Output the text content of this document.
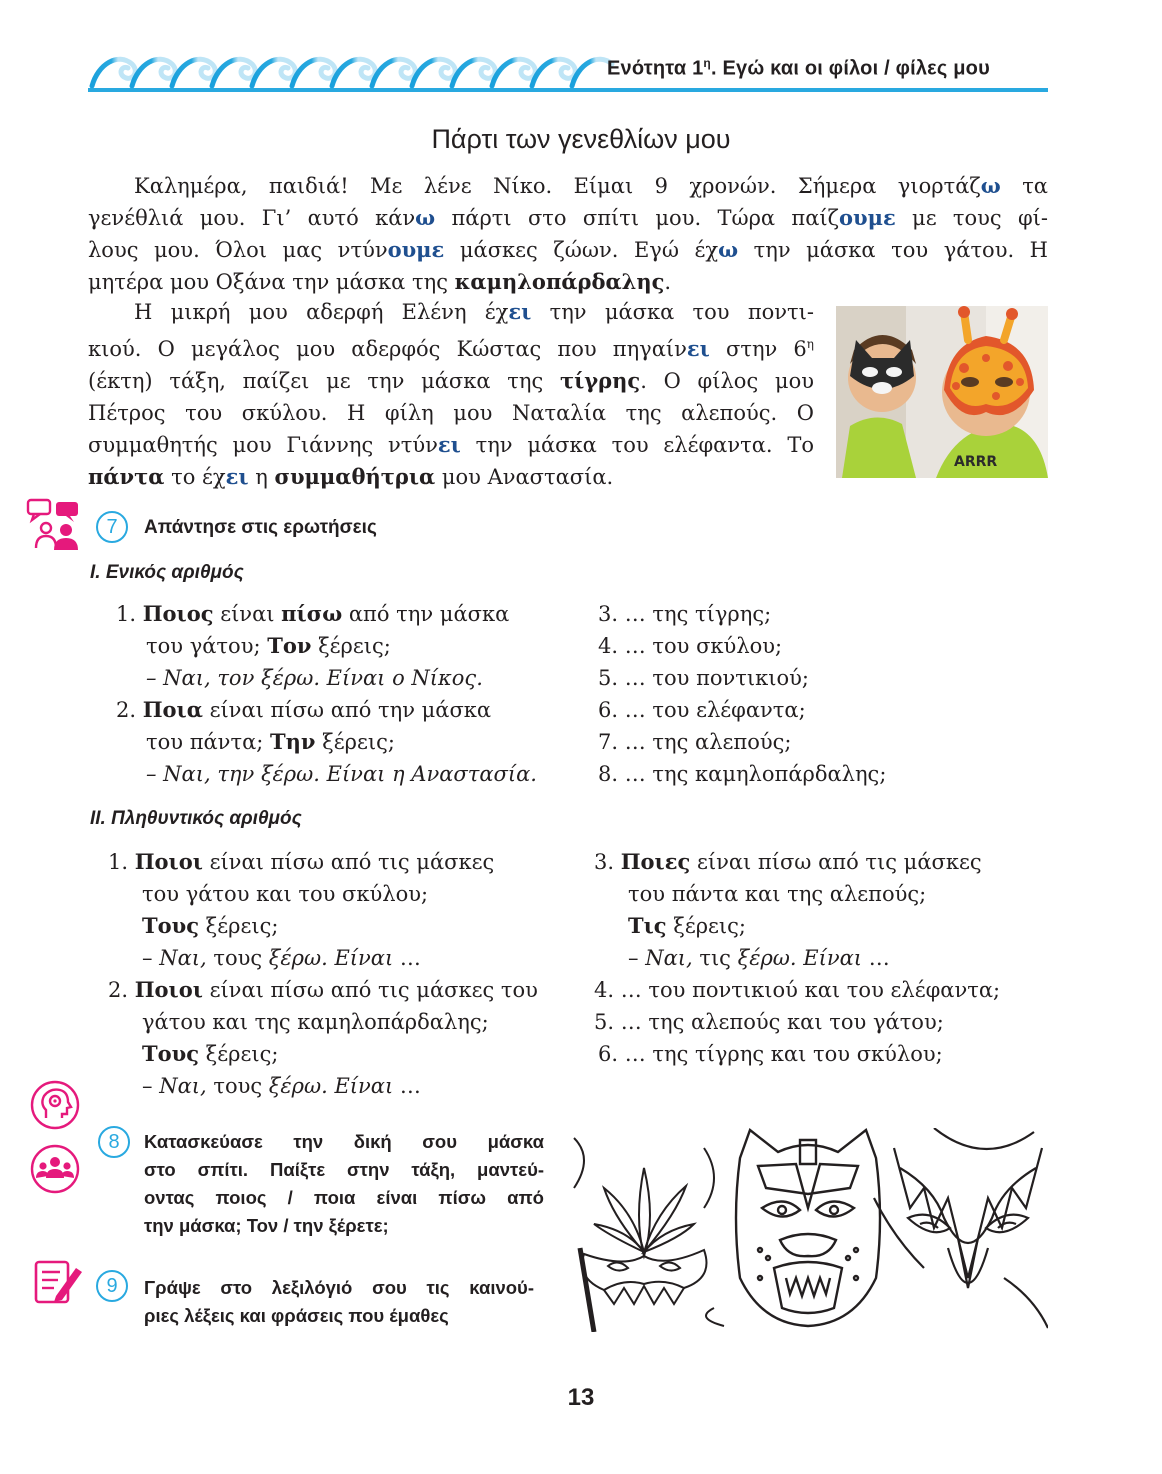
Ενότητα $1^\eta$. Εγώ και οι φίλοι / φίλες μου
Πάρτι των γενεθλίων μου
Καλημέρα, παιδιά! Με λένε Νίκο. Είμαι 9 χρονών. Σήμερα γιορτάζω τα
γενέθλιά μου. Γι’ αυτό κάνω πάρτι στο σπίτι μου. Τώρα παίζουμε με τους φί-
λους μου. Όλοι μας ντύνουμε μάσκες ζώων. Εγώ έχω την μάσκα του γάτου. Η
μητέρα μου Οξάνα την μάσκα της καμηλοπάρδαλης.
Η μικρή μου αδερφή Ελένη έχει την μάσκα του ποντι-
κιού. Ο μεγάλος μου αδερφός Κώστας που πηγαίνει στην $6^\eta$
(έκτη) τάξη, παίζει με την μάσκα της τίγρης. Ο φίλος μου
Πέτρος του σκύλου. Η φίλη μου Ναταλία της αλεπούς. Ο
συμμαθητής μου Γιάννης ντύνει την μάσκα του ελέφαντα. Το
πάντα το έχει η συμμαθήτρια μου Αναστασία.
ARRR
7	Απάντησε στις ερωτήσεις
Ι. Ενικός αριθμός
1. Ποιος είναι πίσω από την μάσκα
του γάτου; Τον ξέρεις;
– Ναι, τον ξέρω. Είναι ο Νίκος.
2. Ποια είναι πίσω από την μάσκα
του πάντα; Την ξέρεις;
– Ναι, την ξέρω. Είναι η Αναστασία.
3. … της τίγρης;
4. … του σκύλου;
5. … του ποντικιού;
6. … του ελέφαντα;
7. … της αλεπούς;
8. … της καμηλοπάρδαλης;
ΙΙ. Πληθυντικός αριθμός
1. Ποιοι είναι πίσω από τις μάσκες
του γάτου και του σκύλου;
Τους ξέρεις;
– Ναι, τους ξέρω. Είναι …
2. Ποιοι είναι πίσω από τις μάσκες του
γάτου και της καμηλοπάρδαλης;
Τους ξέρεις;
– Ναι, τους ξέρω. Είναι …
3. Ποιες είναι πίσω από τις μάσκες
του πάντα και της αλεπούς;
Τις ξέρεις;
– Ναι, τις ξέρω. Είναι …
4. … του ποντικιού και του ελέφαντα;
5. … της αλεπούς και του γάτου;
6. … της τίγρης και του σκύλου;
8	Κατασκεύασε την δική σου μάσκα
στο σπίτι. Παίξτε στην τάξη, μαντεύ-
οντας ποιος / ποια είναι πίσω από
την μάσκα; Τον / την ξέρετε;
9	Γράψε στο λεξιλόγιό σου τις καινού-
ριες λέξεις και φράσεις που έμαθες
13
